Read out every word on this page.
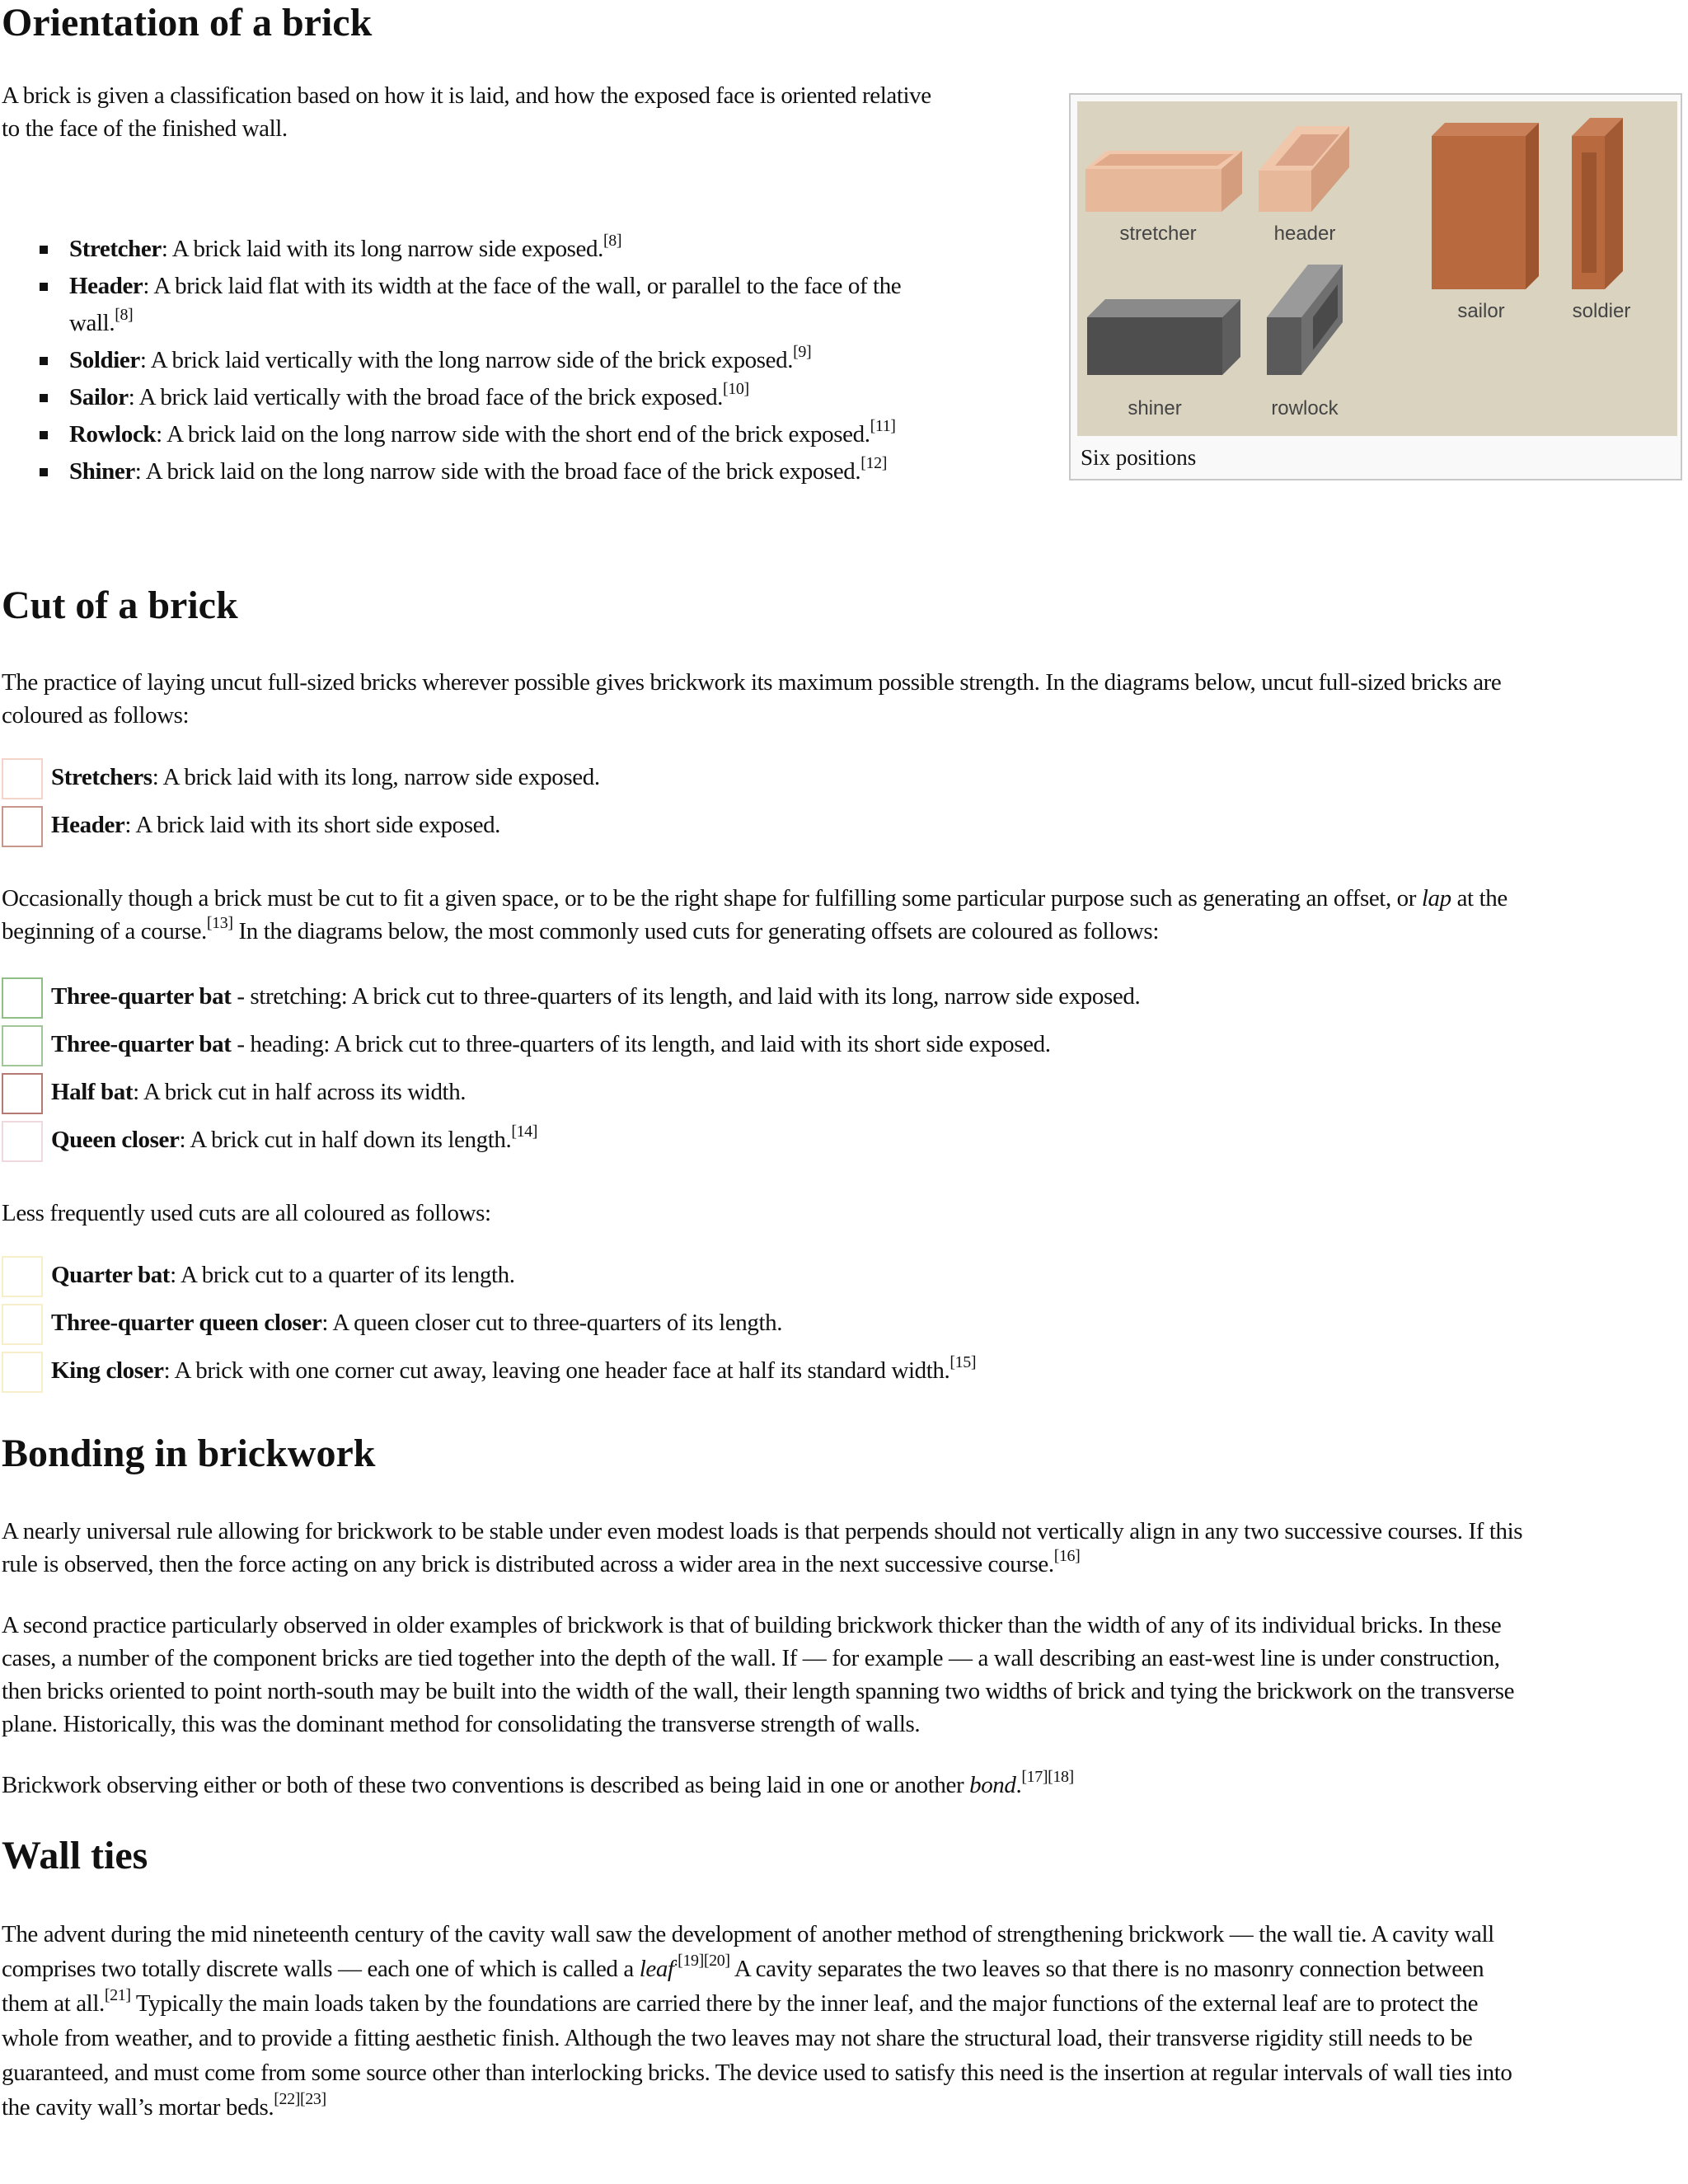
Orientation of a brick

A brick is given a classification based on how it is laid, and how the exposed face is oriented relative
to the face of the finished wall.

Stretcher: A brick laid with its long narrow side exposed.[8]
Header: A brick laid flat with its width at the face of the wall, or parallel to the face of the
wall.[8]
Soldier: A brick laid vertically with the long narrow side of the brick exposed.[9]
Sailor: A brick laid vertically with the broad face of the brick exposed.[10]
Rowlock: A brick laid on the long narrow side with the short end of the brick exposed.[11]
Shiner: A brick laid on the long narrow side with the broad face of the brick exposed.[12]
stretcher	header
sailor	soldier
shiner	rowlock
Six positions
Cut of a brick

The practice of laying uncut full-sized bricks wherever possible gives brickwork its maximum possible strength. In the diagrams below, uncut full-sized bricks are
coloured as follows:

Stretchers: A brick laid with its long, narrow side exposed.
Header: A brick laid with its short side exposed.

Occasionally though a brick must be cut to fit a given space, or to be the right shape for fulfilling some particular purpose such as generating an offset, or lap at the
beginning of a course.[13] In the diagrams below, the most commonly used cuts for generating offsets are coloured as follows:

Three-quarter bat - stretching: A brick cut to three-quarters of its length, and laid with its long, narrow side exposed.
Three-quarter bat - heading: A brick cut to three-quarters of its length, and laid with its short side exposed.
Half bat: A brick cut in half across its width.
Queen closer: A brick cut in half down its length.[14]

Less frequently used cuts are all coloured as follows:

Quarter bat: A brick cut to a quarter of its length.
Three-quarter queen closer: A queen closer cut to three-quarters of its length.
King closer: A brick with one corner cut away, leaving one header face at half its standard width.[15]
Bonding in brickwork

A nearly universal rule allowing for brickwork to be stable under even modest loads is that perpends should not vertically align in any two successive courses. If this
rule is observed, then the force acting on any brick is distributed across a wider area in the next successive course.[16]

A second practice particularly observed in older examples of brickwork is that of building brickwork thicker than the width of any of its individual bricks. In these
cases, a number of the component bricks are tied together into the depth of the wall. If — for example — a wall describing an east-west line is under construction,
then bricks oriented to point north-south may be built into the width of the wall, their length spanning two widths of brick and tying the brickwork on the transverse
plane. Historically, this was the dominant method for consolidating the transverse strength of walls.

Brickwork observing either or both of these two conventions is described as being laid in one or another bond.[17][18]

Wall ties

The advent during the mid nineteenth century of the cavity wall saw the development of another method of strengthening brickwork — the wall tie. A cavity wall
comprises two totally discrete walls — each one of which is called a leaf$^{.[19][20]}$ A cavity separates the two leaves so that there is no masonry connection between
them at all.[21] Typically the main loads taken by the foundations are carried there by the inner leaf, and the major functions of the external leaf are to protect the
whole from weather, and to provide a fitting aesthetic finish. Although the two leaves may not share the structural load, their transverse rigidity still needs to be
guaranteed, and must come from some source other than interlocking bricks. The device used to satisfy this need is the insertion at regular intervals of wall ties into
the cavity wall’s mortar beds.[22][23]
